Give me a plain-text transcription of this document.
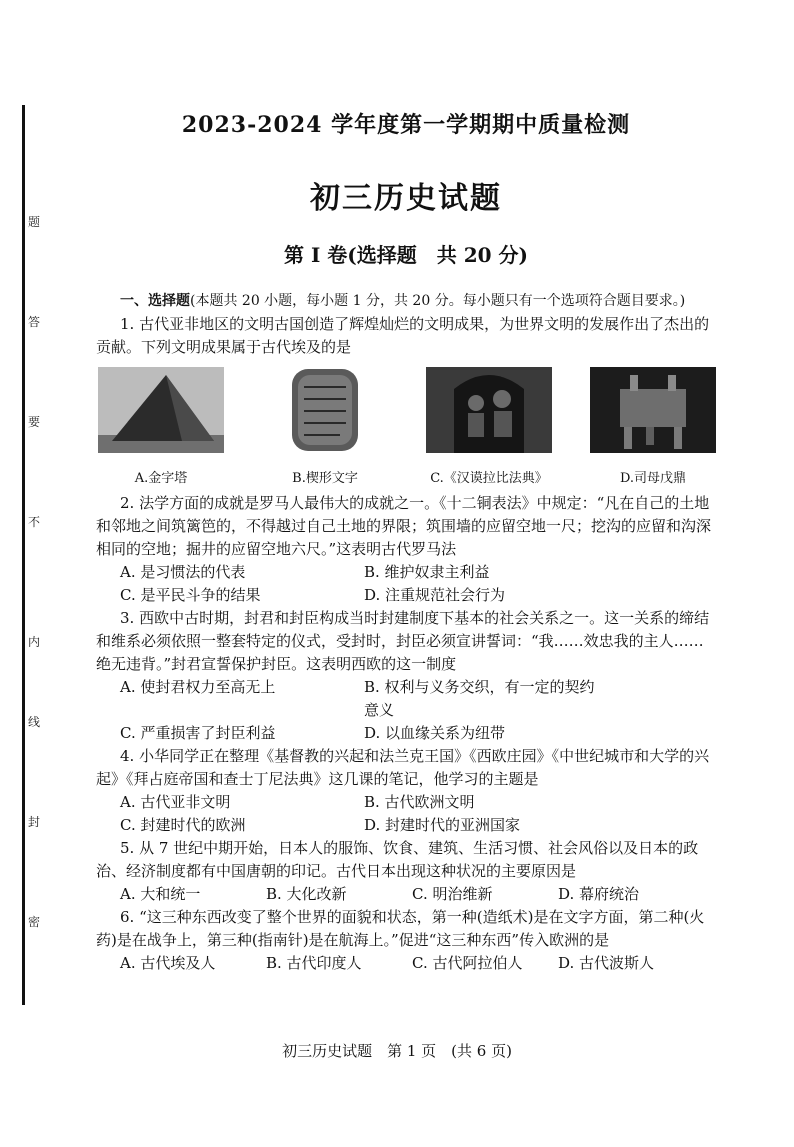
题
答
要
不
内
线
封
密

2023-2024 学年度第一学期期中质量检测

初三历史试题

第 I 卷(选择题　共 20 分)

一、选择题(本题共 20 小题，每小题 1 分，共 20 分。每小题只有一个选项符合题目要求。)

1. 古代亚非地区的文明古国创造了辉煌灿烂的文明成果，为世界文明的发展作出了杰出的贡献。下列文明成果属于古代埃及的是

A.金字塔	B.楔形文字	C.《汉谟拉比法典》	D.司母戊鼎

2. 法学方面的成就是罗马人最伟大的成就之一。《十二铜表法》中规定：“凡在自己的土地和邻地之间筑篱笆的，不得越过自己土地的界限；筑围墙的应留空地一尺；挖沟的应留和沟深相同的空地；掘井的应留空地六尺。”这表明古代罗马法

A. 是习惯法的代表	B. 维护奴隶主利益
C. 是平民斗争的结果	D. 注重规范社会行为

3. 西欧中古时期，封君和封臣构成当时封建制度下基本的社会关系之一。这一关系的缔结和维系必须依照一整套特定的仪式，受封时，封臣必须宣讲誓词：“我……效忠我的主人……绝无违背。”封君宣誓保护封臣。这表明西欧的这一制度

A. 使封君权力至高无上	B. 权利与义务交织，有一定的契约意义
C. 严重损害了封臣利益	D. 以血缘关系为纽带

4. 小华同学正在整理《基督教的兴起和法兰克王国》《西欧庄园》《中世纪城市和大学的兴起》《拜占庭帝国和查士丁尼法典》这几课的笔记，他学习的主题是

A. 古代亚非文明	B. 古代欧洲文明
C. 封建时代的欧洲	D. 封建时代的亚洲国家

5. 从 7 世纪中期开始，日本人的服饰、饮食、建筑、生活习惯、社会风俗以及日本的政治、经济制度都有中国唐朝的印记。古代日本出现这种状况的主要原因是

A. 大和统一	B. 大化改新	C. 明治维新	D. 幕府统治

6. “这三种东西改变了整个世界的面貌和状态，第一种(造纸术)是在文字方面，第二种(火药)是在战争上，第三种(指南针)是在航海上。”促进“这三种东西”传入欧洲的是

A. 古代埃及人	B. 古代印度人	C. 古代阿拉伯人	D. 古代波斯人
初三历史试题　第 1 页　(共 6 页)
